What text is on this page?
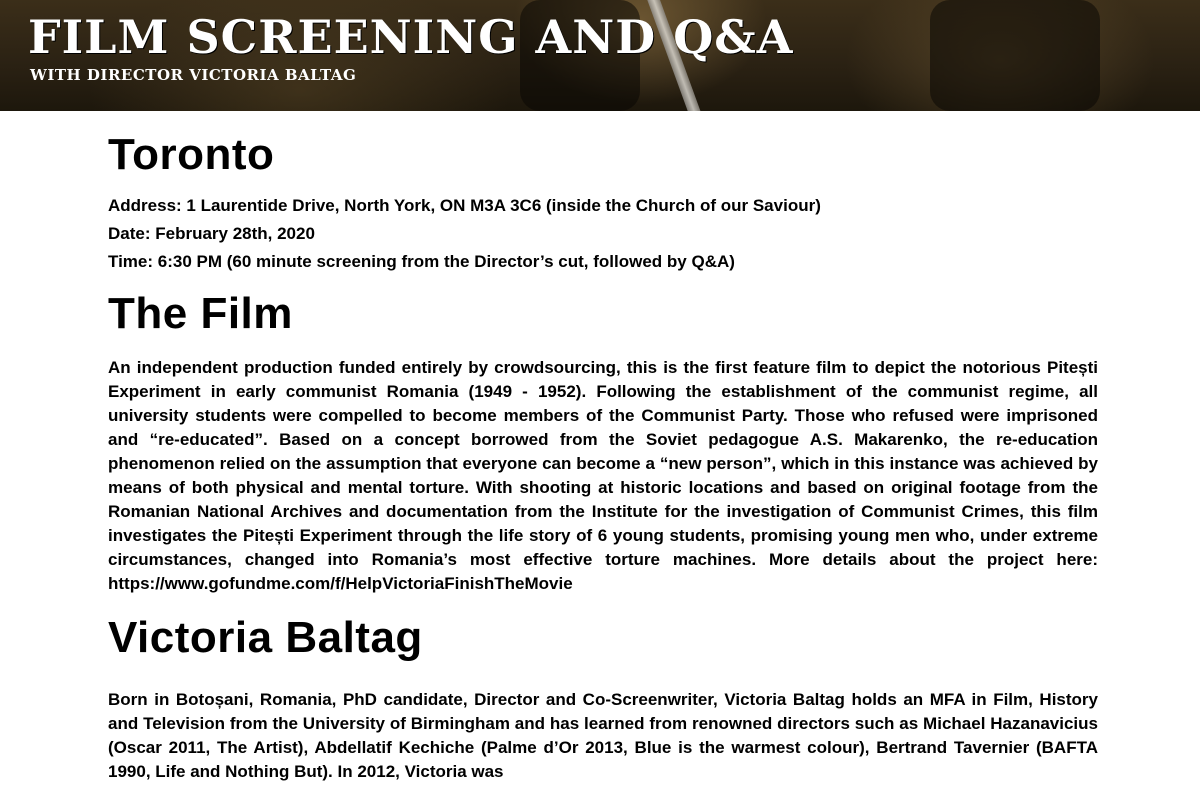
FILM SCREENING AND Q&A

WITH DIRECTOR VICTORIA BALTAG

Toronto

Address: 1 Laurentide Drive, North York, ON M3A 3C6 (inside the Church of our Saviour)

Date: February 28th, 2020

Time: 6:30 PM (60 minute screening from the Director’s cut, followed by Q&A)

The Film

An independent production funded entirely by crowdsourcing, this is the first feature film to depict the notorious Pitești Experiment in early communist Romania (1949 - 1952). Following the establishment of the communist regime, all university students were compelled to become members of the Communist Party. Those who refused were imprisoned and “re-educated”. Based on a concept borrowed from the Soviet pedagogue A.S. Makarenko, the re-education phenomenon relied on the assumption that everyone can become a “new person”, which in this instance was achieved by means of both physical and mental torture. With shooting at historic locations and based on original footage from the Romanian National Archives and documentation from the Institute for the investigation of Communist Crimes, this film investigates the Pitești Experiment through the life story of 6 young students, promising young men who, under extreme circumstances, changed into Romania’s most effective torture machines. More details about the project here: https://www.gofundme.com/f/HelpVictoriaFinishTheMovie

Victoria Baltag

Born in Botoșani, Romania, PhD candidate, Director and Co-Screenwriter, Victoria Baltag holds an MFA in Film, History and Television from the University of Birmingham and has learned from renowned directors such as Michael Hazanavicius (Oscar 2011, The Artist), Abdellatif Kechiche (Palme d’Or 2013, Blue is the warmest colour), Bertrand Tavernier (BAFTA 1990, Life and Nothing But). In 2012, Victoria was
